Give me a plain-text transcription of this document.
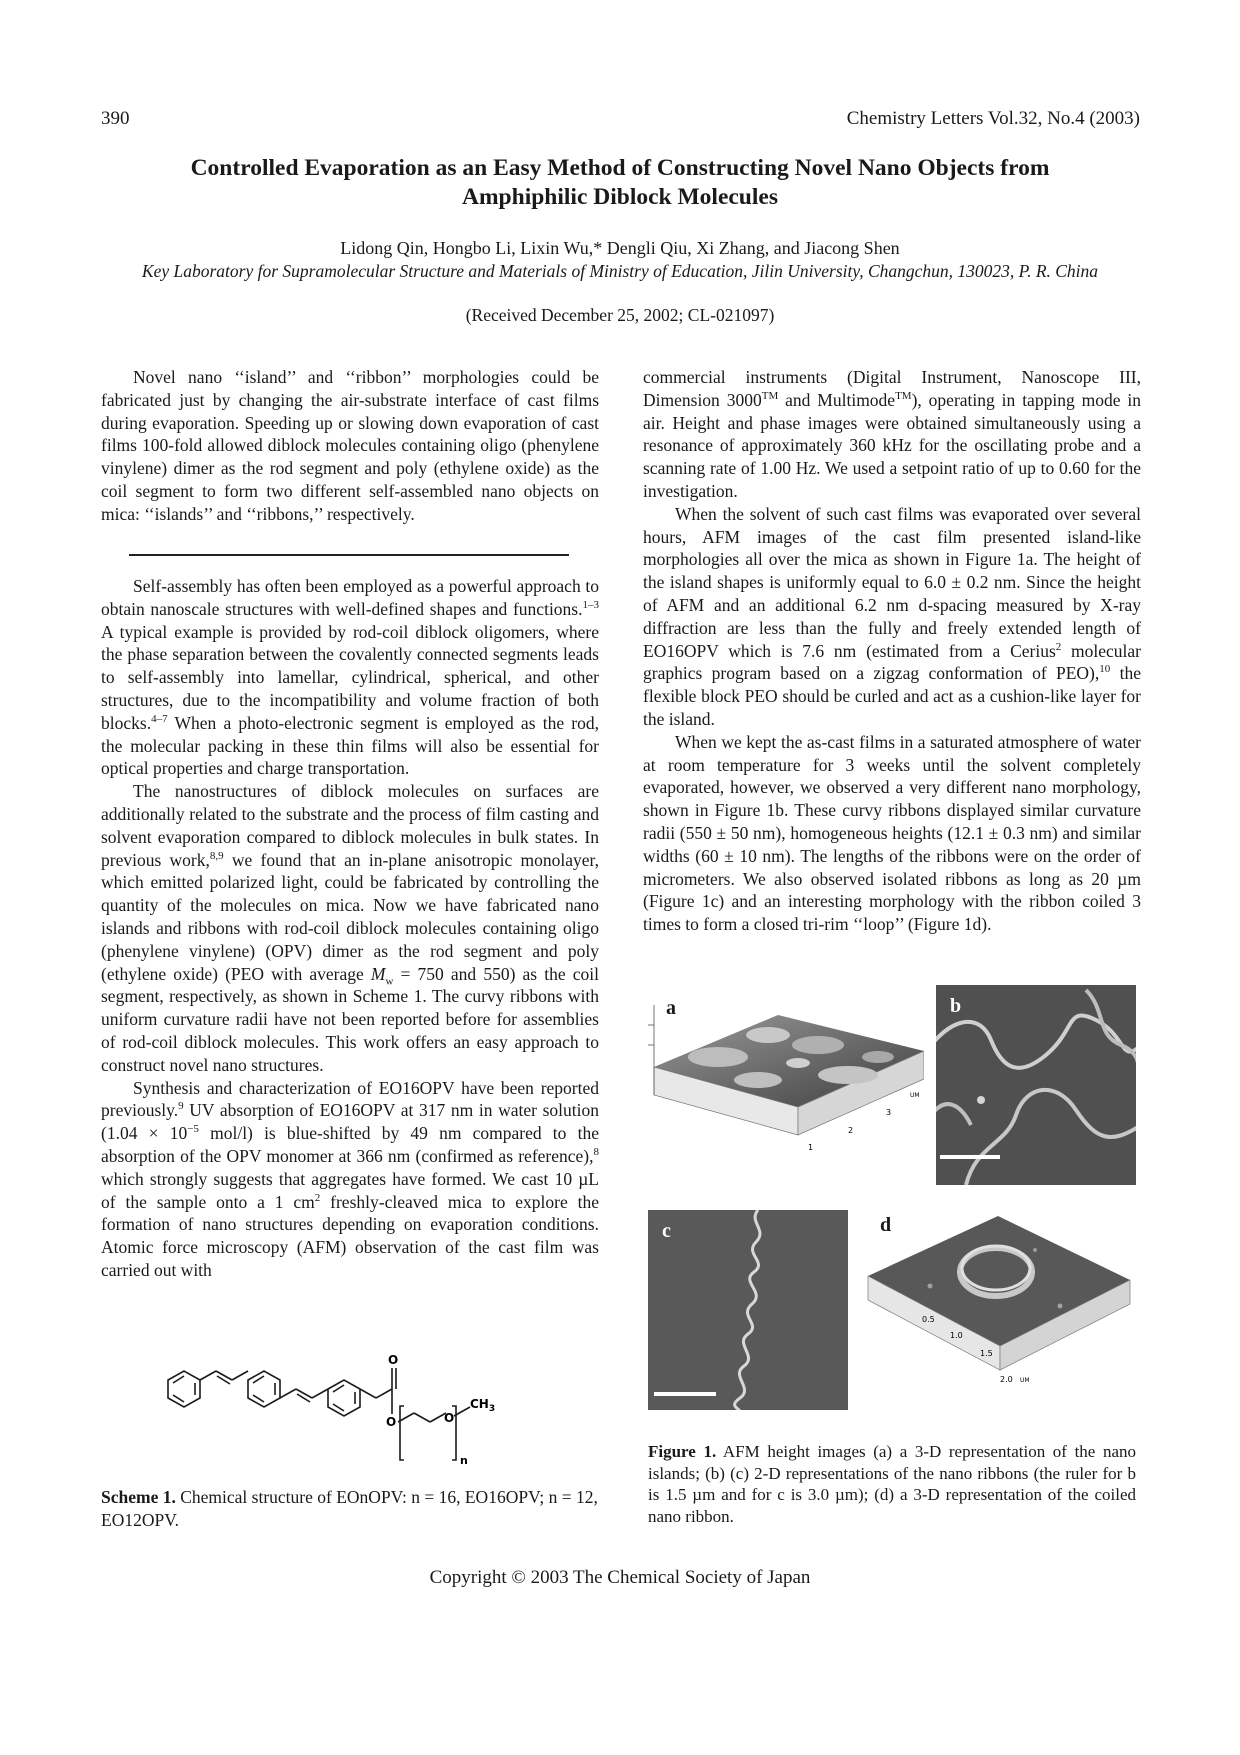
390	Chemistry Letters Vol.32, No.4 (2003)
Controlled Evaporation as an Easy Method of Constructing Novel Nano Objects from
Amphiphilic Diblock Molecules
Lidong Qin, Hongbo Li, Lixin Wu,* Dengli Qiu, Xi Zhang, and Jiacong Shen
Key Laboratory for Supramolecular Structure and Materials of Ministry of Education, Jilin University, Changchun, 130023, P. R. China
(Received December 25, 2002; CL-021097)

Novel nano ‘‘island’’ and ‘‘ribbon’’ morphologies could be fabricated just by changing the air-substrate interface of cast films during evaporation. Speeding up or slowing down evaporation of cast films 100-fold allowed diblock molecules containing oligo (phenylene vinylene) dimer as the rod segment and poly (ethylene oxide) as the coil segment to form two different self-assembled nano objects on mica: ‘‘islands’’ and ‘‘ribbons,’’ respectively.

Self-assembly has often been employed as a powerful approach to obtain nanoscale structures with well-defined shapes and functions.$^{1-3}$ A typical example is provided by rod-coil diblock oligomers, where the phase separation between the covalently connected segments leads to self-assembly into lamellar, cylindrical, spherical, and other structures, due to the incompatibility and volume fraction of both blocks.$^{4-7}$ When a photo-electronic segment is employed as the rod, the molecular packing in these thin films will also be essential for optical properties and charge transportation.

The nanostructures of diblock molecules on surfaces are additionally related to the substrate and the process of film casting and solvent evaporation compared to diblock molecules in bulk states. In previous work,$^{8,9}$ we found that an in-plane anisotropic monolayer, which emitted polarized light, could be fabricated by controlling the quantity of the molecules on mica. Now we have fabricated nano islands and ribbons with rod-coil diblock molecules containing oligo (phenylene vinylene) (OPV) dimer as the rod segment and poly (ethylene oxide) (PEO with average $M_w = 750$ and 550) as the coil segment, respectively, as shown in Scheme 1. The curvy ribbons with uniform curvature radii have not been reported before for assemblies of rod-coil diblock molecules. This work offers an easy approach to construct novel nano structures.

Synthesis and characterization of EO16OPV have been reported previously.$^9$ UV absorption of EO16OPV at 317 nm in water solution ($1.04 \times 10^{-5}$ mol/l) is blue-shifted by 49 nm compared to the absorption of the OPV monomer at 366 nm (confirmed as reference),$^8$ which strongly suggests that aggregates have formed. We cast 10 µL of the sample onto a 1 $cm^2$ freshly-cleaved mica to explore the formation of nano structures depending on evaporation conditions. Atomic force microscopy (AFM) observation of the cast film was carried out with

commercial instruments (Digital Instrument, Nanoscope III, Dimension 3000™ and Multimode™), operating in tapping mode in air. Height and phase images were obtained simultaneously using a resonance of approximately 360 kHz for the oscillating probe and a scanning rate of 1.00 Hz. We used a setpoint ratio of up to 0.60 for the investigation.

When the solvent of such cast films was evaporated over several hours, AFM images of the cast film presented island-like morphologies all over the mica as shown in Figure 1a. The height of the island shapes is uniformly equal to 6.0 ± 0.2 nm. Since the height of AFM and an additional 6.2 nm d-spacing measured by X-ray diffraction are less than the fully and freely extended length of EO16OPV which is 7.6 nm (estimated from a Cerius$^2$ molecular graphics program based on a zigzag conformation of PEO),$^{10}$ the flexible block PEO should be curled and act as a cushion-like layer for the island.

When we kept the as-cast films in a saturated atmosphere of water at room temperature for 3 weeks until the solvent completely evaporated, however, we observed a very different nano morphology, shown in Figure 1b. These curvy ribbons displayed similar curvature radii (550 ± 50 nm), homogeneous heights (12.1 ± 0.3 nm) and similar widths (60 ± 10 nm). The lengths of the ribbons were on the order of micrometers. We also observed isolated ribbons as long as 20 µm (Figure 1c) and an interesting morphology with the ribbon coiled 3 times to form a closed tri-rim ‘‘loop’’ (Figure 1d).

1
2
3
UM
a	b
c
0.5
1.0
1.5
2.0 UM
d
Figure 1. AFM height images (a) a 3-D representation of the nano islands; (b) (c) 2-D representations of the nano ribbons (the ruler for b is 1.5 µm and for c is 3.0 µm); (d) a 3-D representation of the coiled nano ribbon.
O
O	O
$CH_3$
n
Scheme 1. Chemical structure of EOnOPV: n = 16, EO16OPV; n = 12, EO12OPV.
Copyright © 2003 The Chemical Society of Japan
